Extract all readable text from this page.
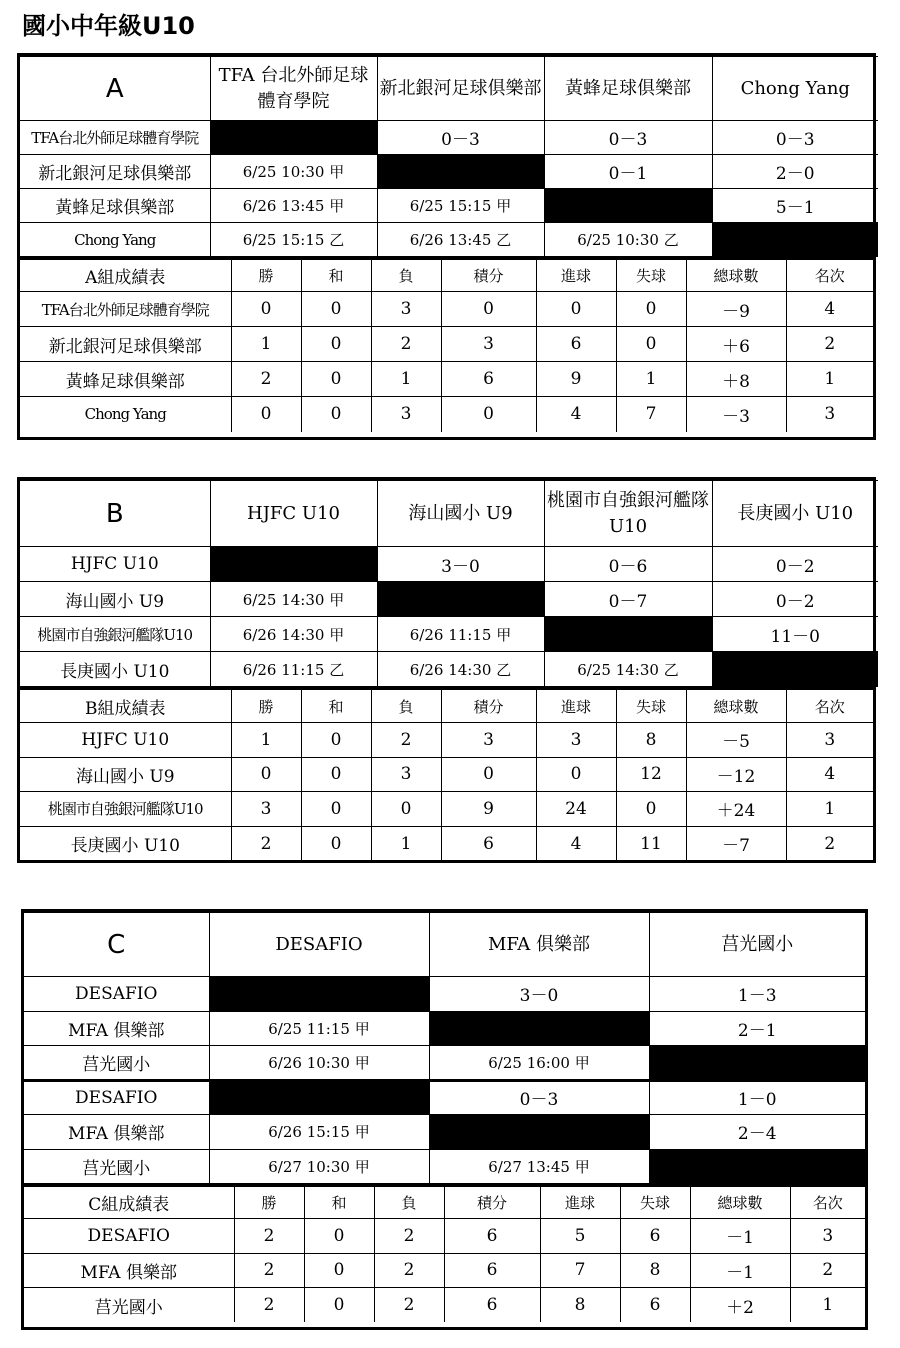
國小中年級U10
A	TFA 台北外師足球體育學院	新北銀河足球俱樂部	黃蜂足球俱樂部	Chong Yang
TFA台北外師足球體育學院		0－3	0－3	0－3
新北銀河足球俱樂部	6/25 10:30 甲		0－1	2－0
黃蜂足球俱樂部	6/26 13:45 甲	6/25 15:15 甲		5－1
Chong Yang	6/25 15:15 乙	6/26 13:45 乙	6/25 10:30 乙	
A組成績表	勝	和	負	積分	進球	失球	總球數	名次
TFA台北外師足球體育學院	0	0	3	0	0	0	－9	4
新北銀河足球俱樂部	1	0	2	3	6	0	＋6	2
黃蜂足球俱樂部	2	0	1	6	9	1	＋8	1
Chong Yang	0	0	3	0	4	7	－3	3
B	HJFC U10	海山國小 U9	桃園市自強銀河艦隊U10	長庚國小 U10
HJFC U10		3－0	0－6	0－2
海山國小 U9	6/25 14:30 甲		0－7	0－2
桃園市自強銀河艦隊U10	6/26 14:30 甲	6/26 11:15 甲		11－0
長庚國小 U10	6/26 11:15 乙	6/26 14:30 乙	6/25 14:30 乙	
B組成績表	勝	和	負	積分	進球	失球	總球數	名次
HJFC U10	1	0	2	3	3	8	－5	3
海山國小 U9	0	0	3	0	0	12	－12	4
桃園市自強銀河艦隊U10	3	0	0	9	24	0	＋24	1
長庚國小 U10	2	0	1	6	4	11	－7	2
C	DESAFIO	MFA 俱樂部	莒光國小
DESAFIO		3－0	1－3
MFA 俱樂部	6/25 11:15 甲		2－1
莒光國小	6/26 10:30 甲	6/25 16:00 甲	
DESAFIO		0－3	1－0
MFA 俱樂部	6/26 15:15 甲		2－4
莒光國小	6/27 10:30 甲	6/27 13:45 甲	
C組成績表	勝	和	負	積分	進球	失球	總球數	名次
DESAFIO	2	0	2	6	5	6	－1	3
MFA 俱樂部	2	0	2	6	7	8	－1	2
莒光國小	2	0	2	6	8	6	＋2	1
